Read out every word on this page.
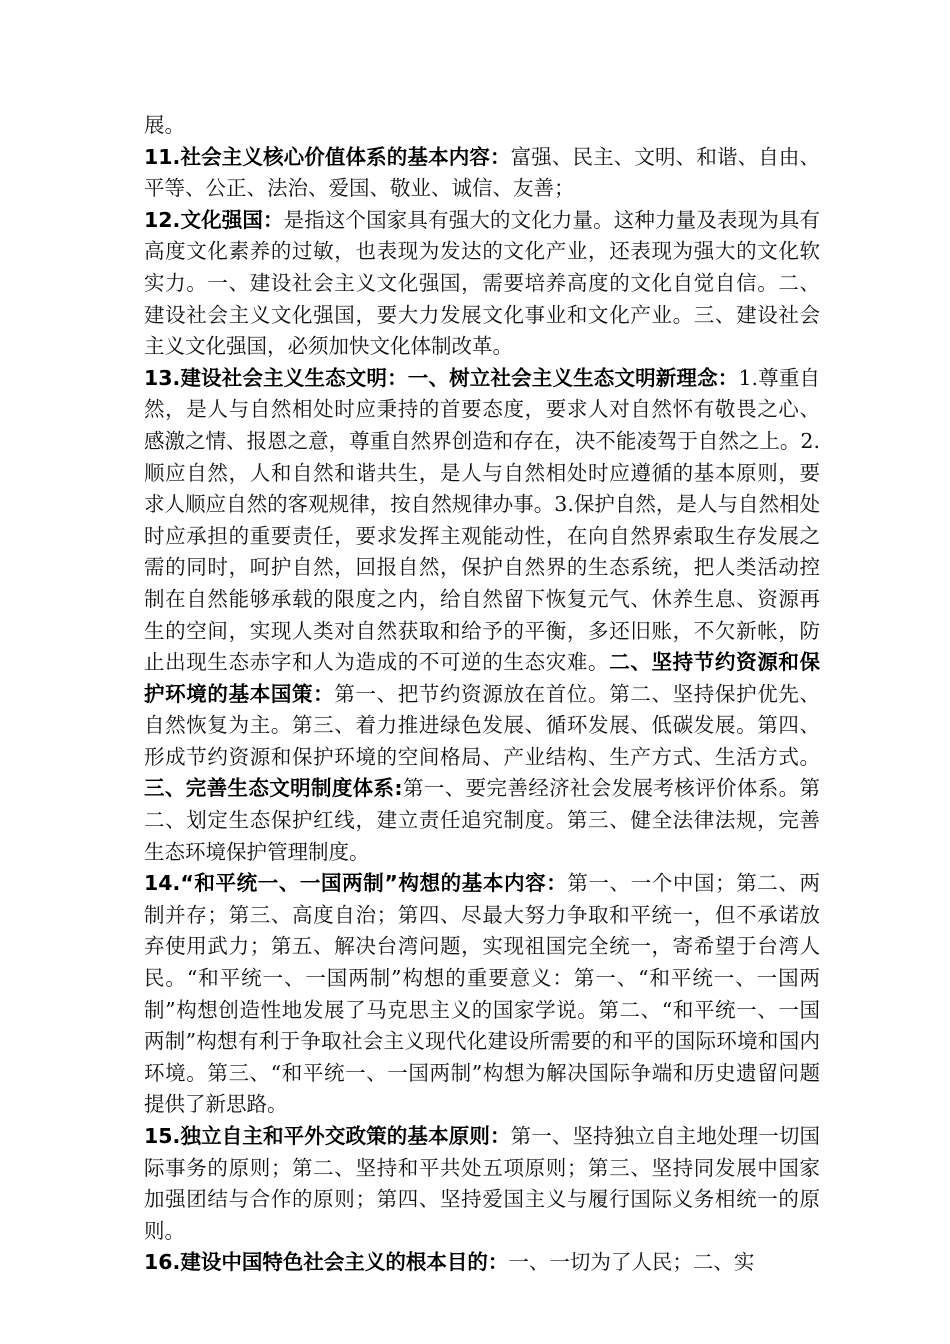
展。

11.社会主义核心价值体系的基本内容：富强、民主、文明、和谐、自由、平等、公正、法治、爱国、敬业、诚信、友善；

12.文化强国：是指这个国家具有强大的文化力量。这种力量及表现为具有高度文化素养的过敏，也表现为发达的文化产业，还表现为强大的文化软实力。一、建设社会主义文化强国，需要培养高度的文化自觉自信。二、建设社会主义文化强国，要大力发展文化事业和文化产业。三、建设社会主义文化强国，必须加快文化体制改革。

13.建设社会主义生态文明：一、树立社会主义生态文明新理念：1.尊重自然，是人与自然相处时应秉持的首要态度，要求人对自然怀有敬畏之心、感激之情、报恩之意，尊重自然界创造和存在，决不能凌驾于自然之上。2.顺应自然，人和自然和谐共生，是人与自然相处时应遵循的基本原则，要求人顺应自然的客观规律，按自然规律办事。3.保护自然，是人与自然相处时应承担的重要责任，要求发挥主观能动性，在向自然界索取生存发展之需的同时，呵护自然，回报自然，保护自然界的生态系统，把人类活动控制在自然能够承载的限度之内，给自然留下恢复元气、休养生息、资源再生的空间，实现人类对自然获取和给予的平衡，多还旧账，不欠新帐，防止出现生态赤字和人为造成的不可逆的生态灾难。二、坚持节约资源和保护环境的基本国策：第一、把节约资源放在首位。第二、坚持保护优先、自然恢复为主。第三、着力推进绿色发展、循环发展、低碳发展。第四、形成节约资源和保护环境的空间格局、产业结构、生产方式、生活方式。三、完善生态文明制度体系:第一、要完善经济社会发展考核评价体系。第二、划定生态保护红线，建立责任追究制度。第三、健全法律法规，完善生态环境保护管理制度。

14.“和平统一、一国两制”构想的基本内容：第一、一个中国；第二、两制并存；第三、高度自治；第四、尽最大努力争取和平统一，但不承诺放弃使用武力；第五、解决台湾问题，实现祖国完全统一，寄希望于台湾人民。“和平统一、一国两制”构想的重要意义：第一、“和平统一、一国两制”构想创造性地发展了马克思主义的国家学说。第二、“和平统一、一国两制”构想有利于争取社会主义现代化建设所需要的和平的国际环境和国内环境。第三、“和平统一、一国两制”构想为解决国际争端和历史遗留问题提供了新思路。

15.独立自主和平外交政策的基本原则：第一、坚持独立自主地处理一切国际事务的原则；第二、坚持和平共处五项原则；第三、坚持同发展中国家加强团结与合作的原则；第四、坚持爱国主义与履行国际义务相统一的原则。

16.建设中国特色社会主义的根本目的：一、一切为了人民；二、实
